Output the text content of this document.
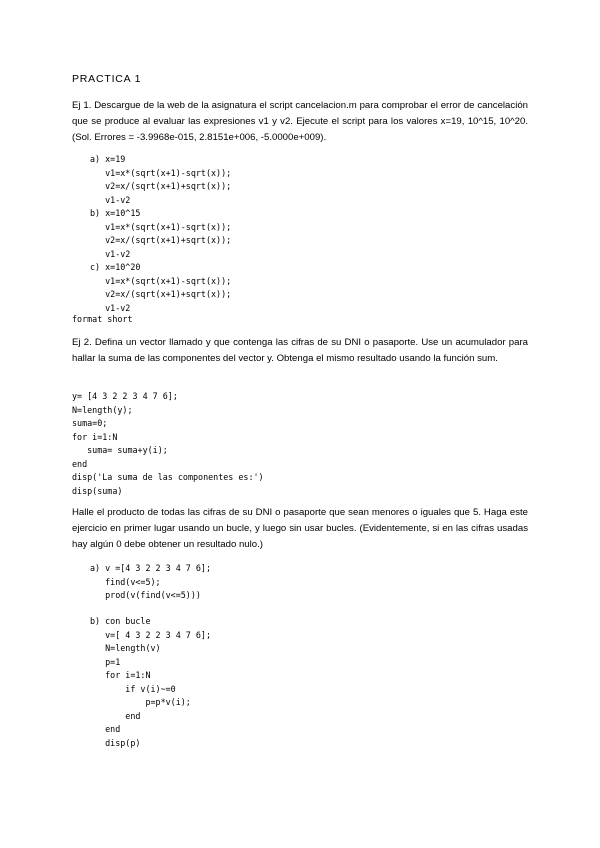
PRACTICA 1

Ej 1. Descargue de la web de la asignatura el script cancelacion.m para comprobar el error de cancelación que se produce al evaluar las expresiones v1 y v2. Ejecute el script para los valores x=19, 10^15, 10^20. (Sol. Errores = -3.9968e-015, 2.8151e+006, -5.0000e+009).

a) x=19
v1=x*(sqrt(x+1)-sqrt(x));
v2=x/(sqrt(x+1)+sqrt(x));
v1-v2
b) x=10^15
v1=x*(sqrt(x+1)-sqrt(x));
v2=x/(sqrt(x+1)+sqrt(x));
v1-v2
c) x=10^20
v1=x*(sqrt(x+1)-sqrt(x));
v2=x/(sqrt(x+1)+sqrt(x));
v1-v2
format short

Ej 2. Defina un vector llamado y que contenga las cifras de su DNI o pasaporte. Use un acumulador para hallar la suma de las componentes del vector y. Obtenga el mismo resultado usando la función sum.

y= [4 3 2 2 3 4 7 6];
N=length(y);
suma=0;
for i=1:N
suma= suma+y(i);
end
disp('La suma de las componentes es:')
disp(suma)

Halle el producto de todas las cifras de su DNI o pasaporte que sean menores o iguales que 5. Haga este ejercicio en primer lugar usando un bucle, y luego sin usar bucles. (Evidentemente, si en las cifras usadas hay algún 0 debe obtener un resultado nulo.)

a) v =[4 3 2 2 3 4 7 6];
find(v<=5);
prod(v(find(v<=5)))
b) con bucle
v=[ 4 3 2 2 3 4 7 6];
N=length(v)
p=1
for i=1:N
if v(i)~=0
p=p*v(i);
end
end
disp(p)
